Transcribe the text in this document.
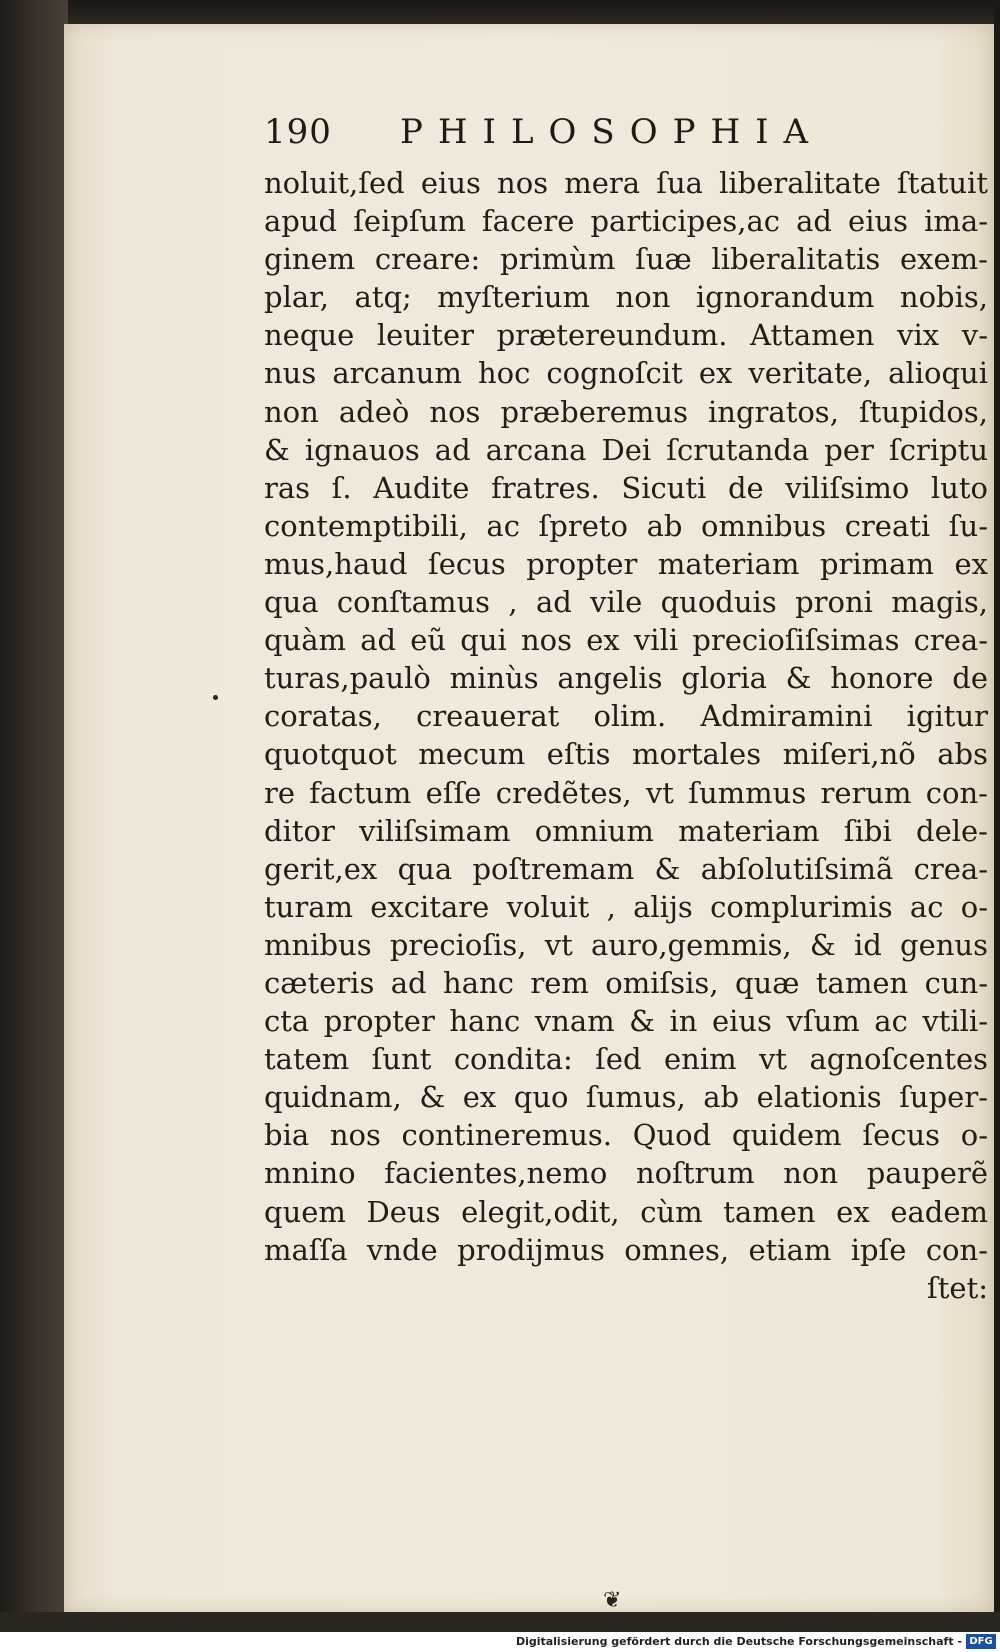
190 PHILOSOPHIA
noluit,ſed eius nos mera ſua liberalitate ſtatuit
apud ſeipſum facere participes,ac ad eius ima-
ginem creare: primùm ſuæ liberalitatis exem-
plar, atq; myſterium non ignorandum nobis,
neque leuiter prætereundum. Attamen vix v-
nus arcanum hoc cognoſcit ex veritate, alioqui
non adeò nos præberemus ingratos, ſtupidos,
& ignauos ad arcana Dei ſcrutanda per ſcriptu
ras ſ. Audite fratres. Sicuti de viliſsimo luto
contemptibili, ac ſpreto ab omnibus creati ſu-
mus,haud ſecus propter materiam primam ex
qua conſtamus , ad vile quoduis proni magis,
quàm ad eũ qui nos ex vili precioſiſsimas crea-
turas,paulò minùs angelis gloria & honore de
coratas, creauerat olim. Admiramini igitur
quotquot mecum eſtis mortales miſeri,nõ abs
re factum eſſe credẽtes, vt ſummus rerum con-
ditor viliſsimam omnium materiam ſibi dele-
gerit,ex qua poſtremam & abſolutiſsimã crea-
turam excitare voluit , alijs complurimis ac o-
mnibus precioſis, vt auro,gemmis, & id genus
cæteris ad hanc rem omiſsis, quæ tamen cun-
cta propter hanc vnam & in eius vſum ac vtili-
tatem ſunt condita: ſed enim vt agnoſcentes
quidnam, & ex quo ſumus, ab elationis ſuper-
bia nos contineremus. Quod quidem ſecus o-
mnino facientes,nemo noſtrum non pauperẽ
quem Deus elegit,odit, cùm tamen ex eadem
maſſa vnde prodijmus omnes, etiam ipſe con-
ſtet:
❦
Digitalisierung gefördert durch die Deutsche Forschungsgemeinschaft - DFG
